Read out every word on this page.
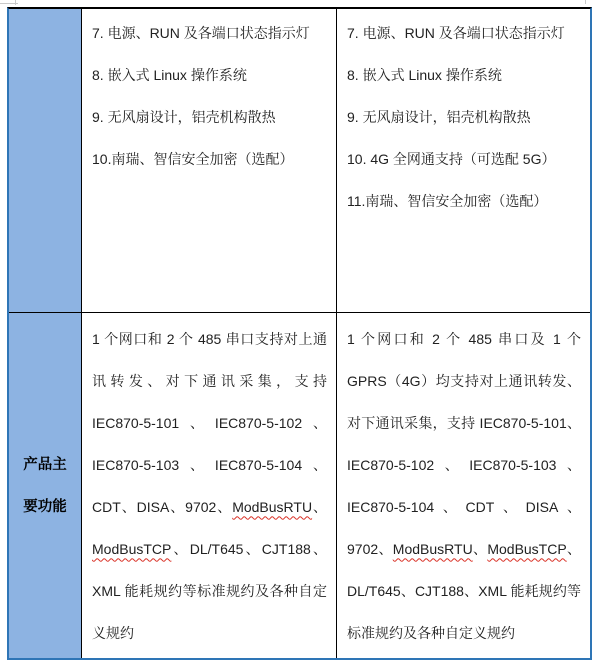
7. 电源、RUN 及各端口状态指示灯
8. 嵌入式 Linux 操作系统
9. 无风扇设计，铝壳机构散热
10.南瑞、智信安全加密（选配）
7. 电源、RUN 及各端口状态指示灯
8. 嵌入式 Linux 操作系统
9. 无风扇设计，铝壳机构散热
10. 4G 全网通支持（可选配 5G）
11.南瑞、智信安全加密（选配）
产品主
要功能

1 个网口和 2 个 485 串口支持对上通讯转发、对下通讯采集，支持 IEC870-5-101、IEC870-5-102、IEC870-5-103、IEC870-5-104、CDT、DISA、9702、ModBusRTU、ModBusTCP、DL/T645、CJT188、XML 能耗规约等标准规约及各种自定义规约

1 个网口和 2 个 485 串口及 1 个 GPRS（4G）均支持对上通讯转发、对下通讯采集，支持 IEC870-5-101、IEC870-5-102、IEC870-5-103、IEC870-5-104、CDT、DISA、9702、ModBusRTU、ModBusTCP、DL/T645、CJT188、XML 能耗规约等标准规约及各种自定义规约
